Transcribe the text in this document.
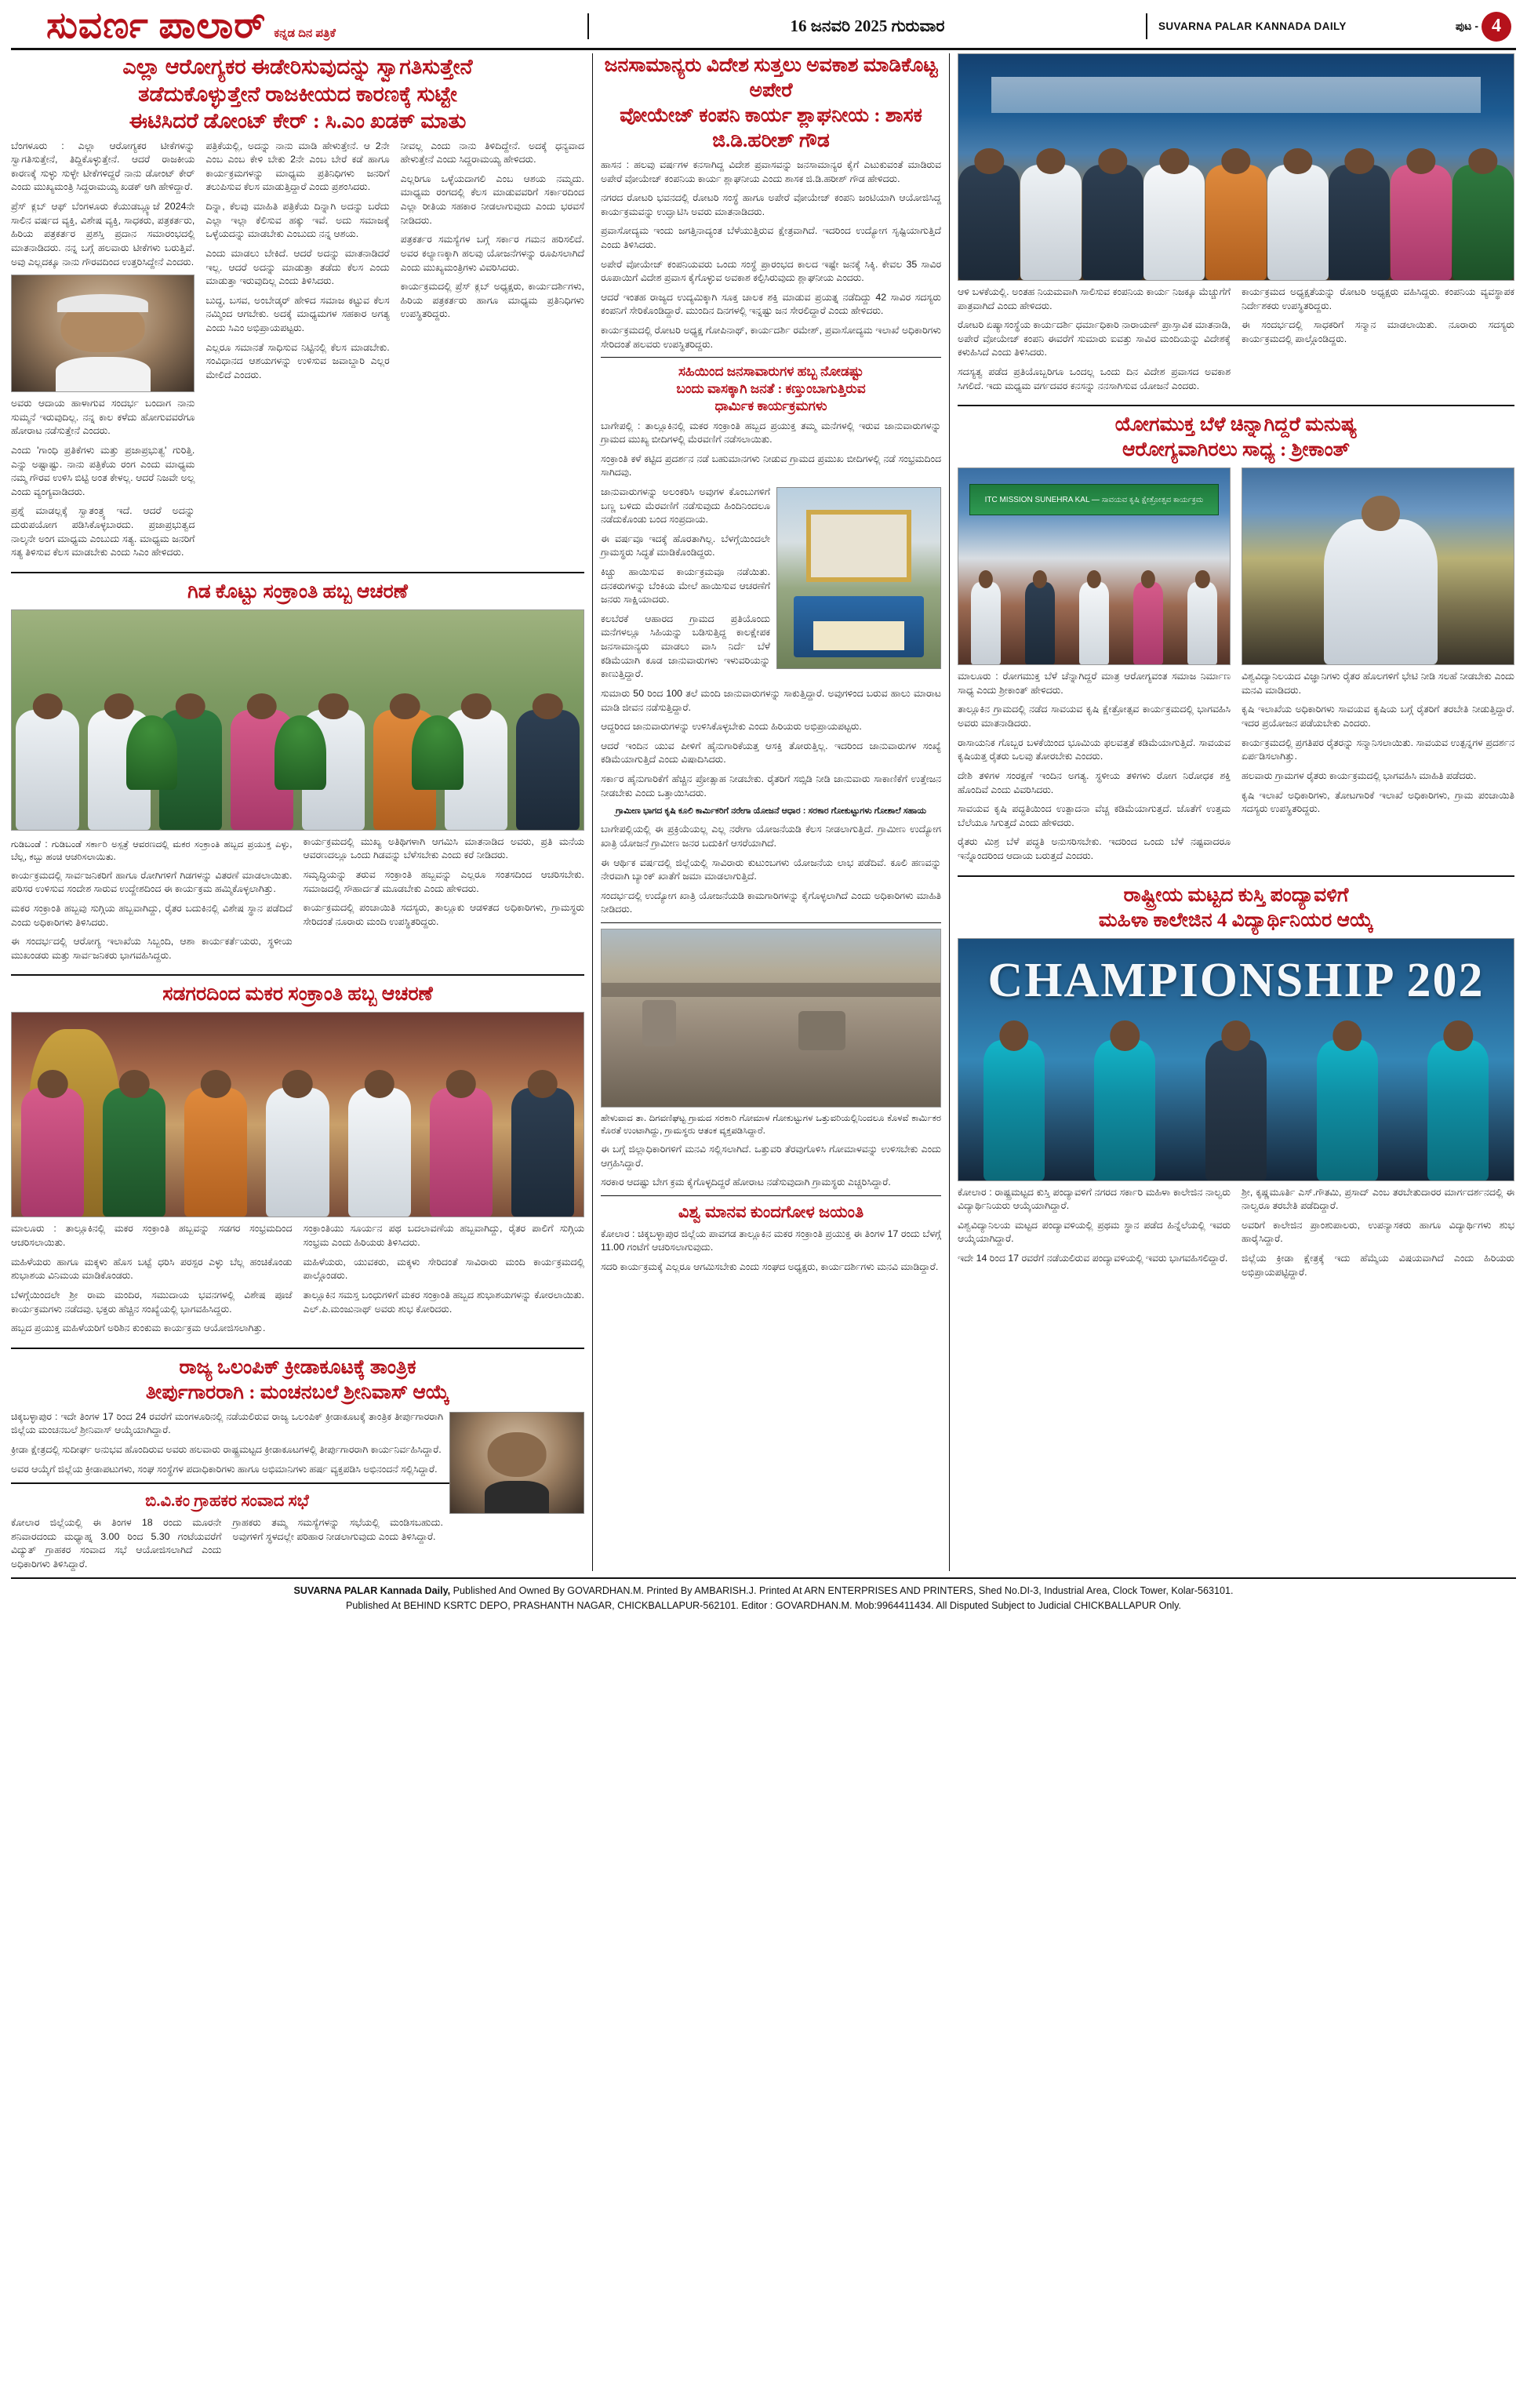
ಸುವರ್ಣ ಪಾಲಾರ್ ಕನ್ನಡ ದಿನ ಪತ್ರಿಕೆ	16 ಜನವರಿ 2025 ಗುರುವಾರ	SUVARNA PALAR KANNADA DAILY	ಪುಟ - 4
ಎಲ್ಲಾ ಆರೋಗ್ಯಕರ ಈಡೇರಿಸುವುದನ್ನು ಸ್ವಾಗತಿಸುತ್ತೇನೆ
ತಡೆದುಕೊಳ್ಳುತ್ತೇನೆ ರಾಜಕೀಯದ ಕಾರಣಕ್ಕೆ ಸುಟ್ಟೇ
ಈಟಿಸಿದರೆ ಡೋಂಟ್ ಕೇರ್ : ಸಿ.ಎಂ ಖಡಕ್ ಮಾತು

ಬೆಂಗಳೂರು : ಎಲ್ಲಾ ಆರೋಗ್ಯಕರ ಟೀಕೆಗಳನ್ನು ಸ್ವಾಗತಿಸುತ್ತೇನೆ, ತಿದ್ದಿಕೊಳ್ಳುತ್ತೇನೆ. ಆದರೆ ರಾಜಕೀಯ ಕಾರಣಕ್ಕೆ ಸುಳ್ಳು ಸುಳ್ಳೇ ಟೀಕೆಗಳಿದ್ದರೆ ನಾನು ಡೋಂಟ್ ಕೇರ್ ಎಂದು ಮುಖ್ಯಮಂತ್ರಿ ಸಿದ್ದರಾಮಯ್ಯ ಖಡಕ್ ಆಗಿ ಹೇಳಿದ್ದಾರೆ.

ಪ್ರೆಸ್ ಕ್ಲಬ್ ಆಫ್ ಬೆಂಗಳೂರು ಕೆಯುಡಬ್ಲ್ಯೂಜೆ 2024ನೇ ಸಾಲಿನ ವರ್ಷದ ವ್ಯಕ್ತಿ, ವಿಶೇಷ ವ್ಯಕ್ತಿ, ಸಾಧಕರು, ಪತ್ರಕರ್ತರು, ಹಿರಿಯ ಪತ್ರಕರ್ತರ ಪ್ರಶಸ್ತಿ ಪ್ರದಾನ ಸಮಾರಂಭದಲ್ಲಿ ಮಾತನಾಡಿದರು. ನನ್ನ ಬಗ್ಗೆ ಹಲವಾರು ಟೀಕೆಗಳು ಬರುತ್ತಿವೆ. ಅವು ಎಲ್ಲದಕ್ಕೂ ನಾನು ಗೌರವದಿಂದ ಉತ್ತರಿಸಿದ್ದೇನೆ ಎಂದರು.

ಅವರು ಆದಾಯ ಹಾಳಾಗುವ ಸಂದರ್ಭ ಬಂದಾಗ ನಾನು ಸುಮ್ಮನೆ ಇರುವುದಿಲ್ಲ. ನನ್ನ ಕಾಲ ಕಳೆದು ಹೋಗುವವರೆಗೂ ಹೋರಾಟ ನಡೆಸುತ್ತೇನೆ ಎಂದರು.

ಎಂದು 'ಗಾಂಧಿ ಪ್ರತಿಕೆಗಳು ಮತ್ತು ಪ್ರಜಾಪ್ರಭುತ್ವ' ಗುರಿತ್ತಿ. ಎನ್ನು ಅಷ್ಟಾಷ್ಟು. ನಾನು ಪತ್ರಿಕೆಯ ರಂಗ ಎಂದು ಮಾಧ್ಯಮ ನಮ್ಮ ಗೌರವ ಉಳಿಸಿ ಬಿಟ್ಟಿ ಅಂತ ಕೇಳಲ್ಲ. ಆದರೆ ನಿಜವೇ ಅಲ್ಲ ಎಂದು ವ್ಯಂಗ್ಯವಾಡಿದರು.

ಪ್ರಶ್ನೆ ಮಾಡಲ್ಲಕ್ಕೆ ಸ್ವಾತಂತ್ರ್ಯ ಇದೆ. ಆದರೆ ಅದನ್ನು ದುರುಪಯೋಗ ಪಡಿಸಿಕೊಳ್ಳಬಾರದು. ಪ್ರಜಾಪ್ರಭುತ್ವದ ನಾಲ್ಕನೇ ಅಂಗ ಮಾಧ್ಯಮ ಎಂಬುದು ಸತ್ಯ. ಮಾಧ್ಯಮ ಜನರಿಗೆ ಸತ್ಯ ತಿಳಿಸುವ ಕೆಲಸ ಮಾಡಬೇಕು ಎಂದು ಸಿಎಂ ಹೇಳಿದರು.

ಪತ್ರಿಕೆಯಲ್ಲಿ, ಅದನ್ನು ನಾನು ಮಾಡಿ ಹೇಳುತ್ತೇನೆ. ಆ 2ನೇ ಎಂಬ ಎಂಬ ಕೇಳಿ ಬೇಕು 2ನೇ ಎಂಬ ಬೇರೆ ಕಡೆ ಹಾಗೂ ಕಾರ್ಯಕ್ರಮಗಳನ್ನು ಮಾಧ್ಯಮ ಪ್ರತಿನಿಧಿಗಳು ಜನರಿಗೆ ತಲುಪಿಸುವ ಕೆಲಸ ಮಾಡುತ್ತಿದ್ದಾರೆ ಎಂದು ಪ್ರಶಂಸಿದರು.

ದಿನ್ನಾ, ಕೆಲವು ಮಾಹಿತಿ ಪತ್ರಿಕೆಯ ದಿನ್ನಾಗಿ ಅದನ್ನು ಬರೆದು ಎಲ್ಲಾ ಇಲ್ಲಾ ಕೆಲಿಸುವ ಹಕ್ಕು ಇವೆ. ಅದು ಸಮಾಜಕ್ಕೆ ಒಳ್ಳೆಯದನ್ನು ಮಾಡಬೇಕು ಎಂಬುದು ನನ್ನ ಆಶಯ.

ಎಂದು ಮಾಡಲು ಬೇಕಿದೆ. ಆದರೆ ಅದನ್ನು ಮಾತನಾಡಿದರೆ ಇಲ್ಲ. ಆದರೆ ಅದನ್ನು ಮಾಡುತ್ತಾ ತಡೆದು ಕೆಲಸ ಎಂದು ಮಾಡುತ್ತಾ ಇರುವುದಿಲ್ಲ ಎಂದು ತಿಳಿಸಿದರು.

ಬುದ್ಧ, ಬಸವ, ಅಂಬೇಡ್ಕರ್ ಹೇಳಿದ ಸಮಾಜ ಕಟ್ಟುವ ಕೆಲಸ ನಮ್ಮಿಂದ ಆಗಬೇಕು. ಅದಕ್ಕೆ ಮಾಧ್ಯಮಗಳ ಸಹಕಾರ ಅಗತ್ಯ ಎಂದು ಸಿಎಂ ಅಭಿಪ್ರಾಯಪಟ್ಟರು.

ಎಲ್ಲರೂ ಸಮಾನತೆ ಸಾಧಿಸುವ ನಿಟ್ಟಿನಲ್ಲಿ ಕೆಲಸ ಮಾಡಬೇಕು. ಸಂವಿಧಾನದ ಆಶಯಗಳನ್ನು ಉಳಿಸುವ ಜವಾಬ್ದಾರಿ ಎಲ್ಲರ ಮೇಲಿದೆ ಎಂದರು.

ನೀವಲ್ಲ ಎಂದು ನಾನು ತಿಳಿದಿದ್ದೇನೆ. ಅದಕ್ಕೆ ಧನ್ಯವಾದ ಹೇಳುತ್ತೇನೆ ಎಂದು ಸಿದ್ದರಾಮಯ್ಯ ಹೇಳಿದರು.

ಎಲ್ಲರಿಗೂ ಒಳ್ಳೆಯದಾಗಲಿ ಎಂಬ ಆಶಯ ನಮ್ಮದು. ಮಾಧ್ಯಮ ರಂಗದಲ್ಲಿ ಕೆಲಸ ಮಾಡುವವರಿಗೆ ಸರ್ಕಾರದಿಂದ ಎಲ್ಲಾ ರೀತಿಯ ಸಹಕಾರ ನೀಡಲಾಗುವುದು ಎಂದು ಭರವಸೆ ನೀಡಿದರು.

ಪತ್ರಕರ್ತರ ಸಮಸ್ಯೆಗಳ ಬಗ್ಗೆ ಸರ್ಕಾರ ಗಮನ ಹರಿಸಲಿದೆ. ಅವರ ಕಲ್ಯಾಣಕ್ಕಾಗಿ ಹಲವು ಯೋಜನೆಗಳನ್ನು ರೂಪಿಸಲಾಗಿದೆ ಎಂದು ಮುಖ್ಯಮಂತ್ರಿಗಳು ವಿವರಿಸಿದರು.

ಕಾರ್ಯಕ್ರಮದಲ್ಲಿ ಪ್ರೆಸ್ ಕ್ಲಬ್ ಅಧ್ಯಕ್ಷರು, ಕಾರ್ಯದರ್ಶಿಗಳು, ಹಿರಿಯ ಪತ್ರಕರ್ತರು ಹಾಗೂ ಮಾಧ್ಯಮ ಪ್ರತಿನಿಧಿಗಳು ಉಪಸ್ಥಿತರಿದ್ದರು.

ಗಿಡ ಕೊಟ್ಟು ಸಂಕ್ರಾಂತಿ ಹಬ್ಬ ಆಚರಣೆ

ಗುಡಿಬಂಡೆ : ಗುಡಿಬಂಡೆ ಸರ್ಕಾರಿ ಅಸ್ಪತ್ರೆ ಆವರಣದಲ್ಲಿ ಮಕರ ಸಂಕ್ರಾಂತಿ ಹಬ್ಬದ ಪ್ರಯುಕ್ತ ಎಳ್ಳು, ಬೆಲ್ಲ, ಕಬ್ಬು ಹಂಚಿ ಆಚರಿಸಲಾಯಿತು.

ಕಾರ್ಯಕ್ರಮದಲ್ಲಿ ಸಾರ್ವಜನಿಕರಿಗೆ ಹಾಗೂ ರೋಗಿಗಳಿಗೆ ಗಿಡಗಳನ್ನು ವಿತರಣೆ ಮಾಡಲಾಯಿತು. ಪರಿಸರ ಉಳಿಸುವ ಸಂದೇಶ ಸಾರುವ ಉದ್ದೇಶದಿಂದ ಈ ಕಾರ್ಯಕ್ರಮ ಹಮ್ಮಿಕೊಳ್ಳಲಾಗಿತ್ತು.

ಮಕರ ಸಂಕ್ರಾಂತಿ ಹಬ್ಬವು ಸುಗ್ಗಿಯ ಹಬ್ಬವಾಗಿದ್ದು, ರೈತರ ಬದುಕಿನಲ್ಲಿ ವಿಶೇಷ ಸ್ಥಾನ ಪಡೆದಿದೆ ಎಂದು ಅಧಿಕಾರಿಗಳು ತಿಳಿಸಿದರು.

ಈ ಸಂದರ್ಭದಲ್ಲಿ ಆರೋಗ್ಯ ಇಲಾಖೆಯ ಸಿಬ್ಬಂದಿ, ಆಶಾ ಕಾರ್ಯಕರ್ತೆಯರು, ಸ್ಥಳೀಯ ಮುಖಂಡರು ಮತ್ತು ಸಾರ್ವಜನಿಕರು ಭಾಗವಹಿಸಿದ್ದರು.

ಕಾರ್ಯಕ್ರಮದಲ್ಲಿ ಮುಖ್ಯ ಅತಿಥಿಗಳಾಗಿ ಆಗಮಿಸಿ ಮಾತನಾಡಿದ ಅವರು, ಪ್ರತಿ ಮನೆಯ ಆವರಣದಲ್ಲೂ ಒಂದು ಗಿಡವನ್ನು ಬೆಳೆಸಬೇಕು ಎಂದು ಕರೆ ನೀಡಿದರು.

ಸಮೃದ್ಧಿಯನ್ನು ತರುವ ಸಂಕ್ರಾಂತಿ ಹಬ್ಬವನ್ನು ಎಲ್ಲರೂ ಸಂತಸದಿಂದ ಆಚರಿಸಬೇಕು. ಸಮಾಜದಲ್ಲಿ ಸೌಹಾರ್ದತೆ ಮೂಡಬೇಕು ಎಂದು ಹೇಳಿದರು.

ಕಾರ್ಯಕ್ರಮದಲ್ಲಿ ಪಂಚಾಯಿತಿ ಸದಸ್ಯರು, ತಾಲ್ಲೂಕು ಆಡಳಿತದ ಅಧಿಕಾರಿಗಳು, ಗ್ರಾಮಸ್ಥರು ಸೇರಿದಂತೆ ನೂರಾರು ಮಂದಿ ಉಪಸ್ಥಿತರಿದ್ದರು.

ಸಡಗರದಿಂದ ಮಕರ ಸಂಕ್ರಾಂತಿ ಹಬ್ಬ ಆಚರಣೆ

ಮಾಲೂರು : ತಾಲ್ಲೂಕಿನಲ್ಲಿ ಮಕರ ಸಂಕ್ರಾಂತಿ ಹಬ್ಬವನ್ನು ಸಡಗರ ಸಂಭ್ರಮದಿಂದ ಆಚರಿಸಲಾಯಿತು.

ಮಹಿಳೆಯರು ಹಾಗೂ ಮಕ್ಕಳು ಹೊಸ ಬಟ್ಟೆ ಧರಿಸಿ ಪರಸ್ಪರ ಎಳ್ಳು ಬೆಲ್ಲ ಹಂಚಿಕೊಂಡು ಶುಭಾಶಯ ವಿನಿಮಯ ಮಾಡಿಕೊಂಡರು.

ಬೆಳಗ್ಗೆಯಿಂದಲೇ ಶ್ರೀ ರಾಮ ಮಂದಿರ, ಸಮುದಾಯ ಭವನಗಳಲ್ಲಿ ವಿಶೇಷ ಪೂಜೆ ಕಾರ್ಯಕ್ರಮಗಳು ನಡೆದವು. ಭಕ್ತರು ಹೆಚ್ಚಿನ ಸಂಖ್ಯೆಯಲ್ಲಿ ಭಾಗವಹಿಸಿದ್ದರು.

ಹಬ್ಬದ ಪ್ರಯುಕ್ತ ಮಹಿಳೆಯರಿಗೆ ಅರಿಶಿನ ಕುಂಕುಮ ಕಾರ್ಯಕ್ರಮ ಆಯೋಜಿಸಲಾಗಿತ್ತು.

ಸಂಕ್ರಾಂತಿಯು ಸೂರ್ಯನ ಪಥ ಬದಲಾವಣೆಯ ಹಬ್ಬವಾಗಿದ್ದು, ರೈತರ ಪಾಲಿಗೆ ಸುಗ್ಗಿಯ ಸಂಭ್ರಮ ಎಂದು ಹಿರಿಯರು ತಿಳಿಸಿದರು.

ಮಹಿಳೆಯರು, ಯುವಕರು, ಮಕ್ಕಳು ಸೇರಿದಂತೆ ಸಾವಿರಾರು ಮಂದಿ ಕಾರ್ಯಕ್ರಮದಲ್ಲಿ ಪಾಲ್ಗೊಂಡರು.

ತಾಲ್ಲೂಕಿನ ಸಮಸ್ತ ಬಂಧುಗಳಿಗೆ ಮಕರ ಸಂಕ್ರಾಂತಿ ಹಬ್ಬದ ಶುಭಾಶಯಗಳನ್ನು ಕೋರಲಾಯಿತು. ಎಲ್.ಪಿ.ಮಂಜುನಾಥ್ ಅವರು ಶುಭ ಕೋರಿದರು.

ರಾಜ್ಯ ಒಲಂಪಿಕ್ ಕ್ರೀಡಾಕೂಟಕ್ಕೆ ತಾಂತ್ರಿಕ
ತೀರ್ಪುಗಾರರಾಗಿ : ಮಂಚನಬಲೆ ಶ್ರೀನಿವಾಸ್ ಆಯ್ಕೆ

ಚಿಕ್ಕಬಳ್ಳಾಪುರ : ಇದೇ ತಿಂಗಳ 17 ರಿಂದ 24 ರವರೆಗೆ ಮಂಗಳೂರಿನಲ್ಲಿ ನಡೆಯಲಿರುವ ರಾಜ್ಯ ಒಲಂಪಿಕ್ ಕ್ರೀಡಾಕೂಟಕ್ಕೆ ತಾಂತ್ರಿಕ ತೀರ್ಪುಗಾರರಾಗಿ ಜಿಲ್ಲೆಯ ಮಂಚನಬಲೆ ಶ್ರೀನಿವಾಸ್ ಆಯ್ಕೆಯಾಗಿದ್ದಾರೆ.

ಕ್ರೀಡಾ ಕ್ಷೇತ್ರದಲ್ಲಿ ಸುದೀರ್ಘ ಅನುಭವ ಹೊಂದಿರುವ ಅವರು ಹಲವಾರು ರಾಷ್ಟ್ರಮಟ್ಟದ ಕ್ರೀಡಾಕೂಟಗಳಲ್ಲಿ ತೀರ್ಪುಗಾರರಾಗಿ ಕಾರ್ಯನಿರ್ವಹಿಸಿದ್ದಾರೆ.

ಅವರ ಆಯ್ಕೆಗೆ ಜಿಲ್ಲೆಯ ಕ್ರೀಡಾಪಟುಗಳು, ಸಂಘ ಸಂಸ್ಥೆಗಳ ಪದಾಧಿಕಾರಿಗಳು ಹಾಗೂ ಅಭಿಮಾನಿಗಳು ಹರ್ಷ ವ್ಯಕ್ತಪಡಿಸಿ ಅಭಿನಂದನೆ ಸಲ್ಲಿಸಿದ್ದಾರೆ.

ಬಿ.ವಿ.ಕಂ ಗ್ರಾಹಕರ ಸಂವಾದ ಸಭೆ

ಕೋಲಾರ ಜಿಲ್ಲೆಯಲ್ಲಿ ಈ ತಿಂಗಳ 18 ರಂದು ಮೂರನೇ ಶನಿವಾರದಂದು ಮಧ್ಯಾಹ್ನ 3.00 ರಿಂದ 5.30 ಗಂಟೆಯವರೆಗೆ ವಿದ್ಯುತ್ ಗ್ರಾಹಕರ ಸಂವಾದ ಸಭೆ ಆಯೋಜಿಸಲಾಗಿದೆ ಎಂದು ಅಧಿಕಾರಿಗಳು ತಿಳಿಸಿದ್ದಾರೆ.

ಗ್ರಾಹಕರು ತಮ್ಮ ಸಮಸ್ಯೆಗಳನ್ನು ಸಭೆಯಲ್ಲಿ ಮಂಡಿಸಬಹುದು. ಅವುಗಳಿಗೆ ಸ್ಥಳದಲ್ಲೇ ಪರಿಹಾರ ನೀಡಲಾಗುವುದು ಎಂದು ತಿಳಿಸಿದ್ದಾರೆ.

ಜನಸಾಮಾನ್ಯರು ವಿದೇಶ ಸುತ್ತಲು ಅವಕಾಶ ಮಾಡಿಕೊಟ್ಟ ಅಪೇರೆ
ವೋಯೇಜ್ ಕಂಪನಿ ಕಾರ್ಯ ಶ್ಲಾಘನೀಯ : ಶಾಸಕ ಜಿ.ಡಿ.ಹರೀಶ್ ಗೌಡ

ಹಾಸನ : ಹಲವು ವರ್ಷಗಳ ಕನಸಾಗಿದ್ದ ವಿದೇಶ ಪ್ರವಾಸವನ್ನು ಜನಸಾಮಾನ್ಯರ ಕೈಗೆ ಎಟುಕುವಂತೆ ಮಾಡಿರುವ ಅಪೇರೆ ವೋಯೇಜ್ ಕಂಪನಿಯ ಕಾರ್ಯ ಶ್ಲಾಘನೀಯ ಎಂದು ಶಾಸಕ ಜಿ.ಡಿ.ಹರೀಶ್ ಗೌಡ ಹೇಳಿದರು.

ನಗರದ ರೋಟರಿ ಭವನದಲ್ಲಿ ರೋಟರಿ ಸಂಸ್ಥೆ ಹಾಗೂ ಅಪೇರೆ ವೋಯೇಜ್ ಕಂಪನಿ ಜಂಟಿಯಾಗಿ ಆಯೋಜಿಸಿದ್ದ ಕಾರ್ಯಕ್ರಮವನ್ನು ಉದ್ಘಾಟಿಸಿ ಅವರು ಮಾತನಾಡಿದರು.

ಪ್ರವಾಸೋದ್ಯಮ ಇಂದು ಜಗತ್ತಿನಾದ್ಯಂತ ಬೆಳೆಯುತ್ತಿರುವ ಕ್ಷೇತ್ರವಾಗಿದೆ. ಇದರಿಂದ ಉದ್ಯೋಗ ಸೃಷ್ಟಿಯಾಗುತ್ತಿದೆ ಎಂದು ತಿಳಿಸಿದರು.

ಅಪೇರೆ ವೋಯೇಜ್ ಕಂಪನಿಯವರು ಒಂದು ಸಂಸ್ಥೆ ಪ್ರಾರಂಭದ ಕಾಲದ ಇಷ್ಟೇ ಜನಕ್ಕೆ ಸಿಕ್ಕಿ. ಕೇವಲ 35 ಸಾವಿರ ರೂಪಾಯಿಗೆ ವಿದೇಶ ಪ್ರವಾಸ ಕೈಗೊಳ್ಳುವ ಅವಕಾಶ ಕಲ್ಪಿಸಿರುವುದು ಶ್ಲಾಘನೀಯ ಎಂದರು.

ಆದರೆ ಇಂತಹ ರಾಜ್ಯದ ಉದ್ಯಮಿಕ್ಕಾಗಿ ಸೂಕ್ತ ಚಾಲಕ ಶಕ್ತಿ ಮಾಡುವ ಪ್ರಯತ್ನ ನಡೆದಿದ್ದು 42 ಸಾವಿರ ಸದಸ್ಯರು ಕಂಪನಿಗೆ ಸೇರಿಕೊಂಡಿದ್ದಾರೆ. ಮುಂದಿನ ದಿನಗಳಲ್ಲಿ ಇನ್ನಷ್ಟು ಜನ ಸೇರಲಿದ್ದಾರೆ ಎಂದು ಹೇಳಿದರು.

ಕಾರ್ಯಕ್ರಮದಲ್ಲಿ ರೋಟರಿ ಅಧ್ಯಕ್ಷ ಗೋಪಿನಾಥ್, ಕಾರ್ಯದರ್ಶಿ ರಮೇಶ್, ಪ್ರವಾಸೋದ್ಯಮ ಇಲಾಖೆ ಅಧಿಕಾರಿಗಳು ಸೇರಿದಂತೆ ಹಲವರು ಉಪಸ್ಥಿತರಿದ್ದರು.

ಸಹಿಯಿಂದ ಜನಸಾವಾರುಗಳ ಹಬ್ಬ ನೋಡಷ್ಟು
ಬಂದು ವಾಸಕ್ಕಾಗಿ ಜನತೆ : ಕಣ್ತುಂಬಾಗುತ್ತಿರುವ
ಧಾರ್ಮಿಕ ಕಾರ್ಯಕ್ರಮಗಳು

ಬಾಗೇಪಲ್ಲಿ : ತಾಲ್ಲೂಕಿನಲ್ಲಿ ಮಕರ ಸಂಕ್ರಾಂತಿ ಹಬ್ಬದ ಪ್ರಯುಕ್ತ ತಮ್ಮ ಮನೆಗಳಲ್ಲಿ ಇರುವ ಜಾನುವಾರುಗಳನ್ನು ಗ್ರಾಮದ ಮುಖ್ಯ ಬೀದಿಗಳಲ್ಲಿ ಮೆರವಣಿಗೆ ನಡೆಸಲಾಯಿತು.

ಸಂಕ್ರಾಂತಿ ಕಳೆ ಕಟ್ಟಿದ ಪ್ರದರ್ಶನ ನಡೆ ಬಹುಮಾನಗಳು ನೀಡುವ ಗ್ರಾಮದ ಪ್ರಮುಖ ಬೀದಿಗಳಲ್ಲಿ ನಡೆ ಸಂಭ್ರಮದಿಂದ ಸಾಗಿದವು.

ಜಾನುವಾರುಗಳನ್ನು ಅಲಂಕರಿಸಿ ಅವುಗಳ ಕೊಂಬುಗಳಿಗೆ ಬಣ್ಣ ಬಳಿದು ಮೆರವಣಿಗೆ ನಡೆಸುವುದು ಹಿಂದಿನಿಂದಲೂ ನಡೆದುಕೊಂಡು ಬಂದ ಸಂಪ್ರದಾಯ.

ಈ ವರ್ಷವೂ ಇದಕ್ಕೆ ಹೊರತಾಗಿಲ್ಲ. ಬೆಳಗ್ಗೆಯಿಂದಲೇ ಗ್ರಾಮಸ್ಥರು ಸಿದ್ಧತೆ ಮಾಡಿಕೊಂಡಿದ್ದರು.

ಕಿಚ್ಚು ಹಾಯಿಸುವ ಕಾರ್ಯಕ್ರಮವೂ ನಡೆಯಿತು. ದನಕರುಗಳನ್ನು ಬೆಂಕಿಯ ಮೇಲೆ ಹಾಯಿಸುವ ಆಚರಣೆಗೆ ಜನರು ಸಾಕ್ಷಿಯಾದರು.

ಕಲಬೆರಕೆ ಆಹಾರದ ಗ್ರಾಮದ ಪ್ರತಿಯೊಂದು ಮನೆಗಳಲ್ಲೂ ಸಿಹಿಯನ್ನು ಬಡಿಸುತ್ತಿದ್ದ ಕಾಲಕ್ಷೇಪಕ ಜನಸಾಮಾನ್ಯರು ಮಾಡಲು ವಾಸಿ ನಿರ್ದೆ ಬೆಳೆ ಕಡಿಮೆಯಾಗಿ ಕೂಡ ಜಾನುವಾರುಗಳು ಇಳುವರಿಯನ್ನು ಕಾಣುತ್ತಿದ್ದಾರೆ.

ಸುಮಾರು 50 ರಿಂದ 100 ತಲೆ ಮಂದಿ ಜಾನುವಾರುಗಳನ್ನು ಸಾಕುತ್ತಿದ್ದಾರೆ. ಅವುಗಳಿಂದ ಬರುವ ಹಾಲು ಮಾರಾಟ ಮಾಡಿ ಜೀವನ ನಡೆಸುತ್ತಿದ್ದಾರೆ.

ಆದ್ದರಿಂದ ಜಾನುವಾರುಗಳನ್ನು ಉಳಿಸಿಕೊಳ್ಳಬೇಕು ಎಂದು ಹಿರಿಯರು ಅಭಿಪ್ರಾಯಪಟ್ಟರು.

ಆದರೆ ಇಂದಿನ ಯುವ ಪೀಳಿಗೆ ಹೈನುಗಾರಿಕೆಯತ್ತ ಆಸಕ್ತಿ ತೋರುತ್ತಿಲ್ಲ. ಇದರಿಂದ ಜಾನುವಾರುಗಳ ಸಂಖ್ಯೆ ಕಡಿಮೆಯಾಗುತ್ತಿದೆ ಎಂದು ವಿಷಾದಿಸಿದರು.

ಸರ್ಕಾರ ಹೈನುಗಾರಿಕೆಗೆ ಹೆಚ್ಚಿನ ಪ್ರೋತ್ಸಾಹ ನೀಡಬೇಕು. ರೈತರಿಗೆ ಸಬ್ಸಿಡಿ ನೀಡಿ ಜಾನುವಾರು ಸಾಕಾಣಿಕೆಗೆ ಉತ್ತೇಜನ ನೀಡಬೇಕು ಎಂದು ಒತ್ತಾಯಿಸಿದರು.

ಗ್ರಾಮೀಣ ಭಾಗದ ಕೃಷಿ ಕೂಲಿ ಕಾರ್ಮಿಕರಿಗೆ ನರೇಗಾ ಯೋಜನೆ ಆಧಾರ : ಸರಕಾರ ಗೋಕುಟ್ಟುಗಳು ಗೋಶಾಲೆ ಸಹಾಯ

ಬಾಗೇಪಲ್ಲಿಯಲ್ಲಿ ಈ ಪ್ರಕ್ರಿಯೆಯಲ್ಲ ಎಲ್ಲ ನರೇಗಾ ಯೋಜನೆಯಡಿ ಕೆಲಸ ನೀಡಲಾಗುತ್ತಿದೆ. ಗ್ರಾಮೀಣ ಉದ್ಯೋಗ ಖಾತ್ರಿ ಯೋಜನೆ ಗ್ರಾಮೀಣ ಜನರ ಬದುಕಿಗೆ ಆಸರೆಯಾಗಿದೆ.

ಈ ಆರ್ಥಿಕ ವರ್ಷದಲ್ಲಿ ಜಿಲ್ಲೆಯಲ್ಲಿ ಸಾವಿರಾರು ಕುಟುಂಬಗಳು ಯೋಜನೆಯ ಲಾಭ ಪಡೆದಿವೆ. ಕೂಲಿ ಹಣವನ್ನು ನೇರವಾಗಿ ಬ್ಯಾಂಕ್ ಖಾತೆಗೆ ಜಮಾ ಮಾಡಲಾಗುತ್ತಿದೆ.

ಸಂದರ್ಭದಲ್ಲಿ ಉದ್ಯೋಗ ಖಾತ್ರಿ ಯೋಜನೆಯಡಿ ಕಾಮಗಾರಿಗಳನ್ನು ಕೈಗೊಳ್ಳಲಾಗಿದೆ ಎಂದು ಅಧಿಕಾರಿಗಳು ಮಾಹಿತಿ ನೀಡಿದರು.

ಹೇಳುವಾದ ತಾ. ದಿಗವಣಿಘಟ್ಟ ಗ್ರಾಮದ ಸರಕಾರಿ ಗೋಮಾಳ ಗೋಕುಟ್ಟುಗಳ ಒತ್ತುವರಿಯಲ್ಲಿನಿಂದಲೂ ಕೊಳವೆ ಕಾರ್ಮಿಕರ ಕೊರತೆ ಉಂಟಾಗಿದ್ದು, ಗ್ರಾಮಸ್ಥರು ಆತಂಕ ವ್ಯಕ್ತಪಡಿಸಿದ್ದಾರೆ.

ಈ ಬಗ್ಗೆ ಜಿಲ್ಲಾಧಿಕಾರಿಗಳಿಗೆ ಮನವಿ ಸಲ್ಲಿಸಲಾಗಿದೆ. ಒತ್ತುವರಿ ತೆರವುಗೊಳಿಸಿ ಗೋಮಾಳವನ್ನು ಉಳಿಸಬೇಕು ಎಂದು ಆಗ್ರಹಿಸಿದ್ದಾರೆ.

ಸರಕಾರ ಆದಷ್ಟು ಬೇಗ ಕ್ರಮ ಕೈಗೊಳ್ಳದಿದ್ದರೆ ಹೋರಾಟ ನಡೆಸುವುದಾಗಿ ಗ್ರಾಮಸ್ಥರು ಎಚ್ಚರಿಸಿದ್ದಾರೆ.

ವಿಶ್ವ ಮಾನವ ಕುಂದಗೋಳ ಜಯಂತಿ

ಕೋಲಾರ : ಚಿಕ್ಕಬಳ್ಳಾಪುರ ಜಿಲ್ಲೆಯ ಪಾವಗಡ ತಾಲ್ಲೂಕಿನ ಮಕರ ಸಂಕ್ರಾಂತಿ ಪ್ರಯುಕ್ತ ಈ ತಿಂಗಳ 17 ರಂದು ಬೆಳಗ್ಗೆ 11.00 ಗಂಟೆಗೆ ಆಚರಿಸಲಾಗುವುದು.

ಸದರಿ ಕಾರ್ಯಕ್ರಮಕ್ಕೆ ಎಲ್ಲರೂ ಆಗಮಿಸಬೇಕು ಎಂದು ಸಂಘದ ಅಧ್ಯಕ್ಷರು, ಕಾರ್ಯದರ್ಶಿಗಳು ಮನವಿ ಮಾಡಿದ್ದಾರೆ.

ಆಳಿ ಬಳಕೆಯಲ್ಲಿ. ಅಂತಹ ನಿಯಮವಾಗಿ ಸಾಲಿಸುವ ಕಂಪನಿಯ ಕಾರ್ಯ ನಿಜಕ್ಕೂ ಮೆಚ್ಚುಗೆಗೆ ಪಾತ್ರವಾಗಿದೆ ಎಂದು ಹೇಳಿದರು.

ರೋಟರಿ ಏಷ್ಯಾಸಂಸ್ಥೆಯ ಕಾರ್ಯದರ್ಶಿ ಧರ್ಮಾಧಿಕಾರಿ ನಾರಾಯಣ್ ಪ್ರಾಸ್ತಾವಿಕ ಮಾತನಾಡಿ, ಅಪೇರೆ ವೋಯೇಜ್ ಕಂಪನಿ ಈವರೆಗೆ ಸುಮಾರು ಐವತ್ತು ಸಾವಿರ ಮಂದಿಯನ್ನು ವಿದೇಶಕ್ಕೆ ಕಳುಹಿಸಿದೆ ಎಂದು ತಿಳಿಸಿದರು.

ಸದಸ್ಯತ್ವ ಪಡೆದ ಪ್ರತಿಯೊಬ್ಬರಿಗೂ ಒಂದಲ್ಲ ಒಂದು ದಿನ ವಿದೇಶ ಪ್ರವಾಸದ ಅವಕಾಶ ಸಿಗಲಿದೆ. ಇದು ಮಧ್ಯಮ ವರ್ಗದವರ ಕನಸನ್ನು ನನಸಾಗಿಸುವ ಯೋಜನೆ ಎಂದರು.

ಕಾರ್ಯಕ್ರಮದ ಅಧ್ಯಕ್ಷತೆಯನ್ನು ರೋಟರಿ ಅಧ್ಯಕ್ಷರು ವಹಿಸಿದ್ದರು. ಕಂಪನಿಯ ವ್ಯವಸ್ಥಾಪಕ ನಿರ್ದೇಶಕರು ಉಪಸ್ಥಿತರಿದ್ದರು.

ಈ ಸಂದರ್ಭದಲ್ಲಿ ಸಾಧಕರಿಗೆ ಸನ್ಮಾನ ಮಾಡಲಾಯಿತು. ನೂರಾರು ಸದಸ್ಯರು ಕಾರ್ಯಕ್ರಮದಲ್ಲಿ ಪಾಲ್ಗೊಂಡಿದ್ದರು.

ಯೋಗಮುಕ್ತ ಬೆಳೆ ಚಿನ್ನಾಗಿದ್ದರೆ ಮನುಷ್ಯ
ಆರೋಗ್ಯವಾಗಿರಲು ಸಾಧ್ಯ : ಶ್ರೀಕಾಂತ್
ITC MISSION SUNEHRA KAL — ಸಾವಯವ ಕೃಷಿ ಕ್ಷೇತ್ರೋತ್ಸವ ಕಾರ್ಯಕ್ರಮ

ಮಾಲೂರು : ರೋಗಮುಕ್ತ ಬೆಳೆ ಚೆನ್ನಾಗಿದ್ದರೆ ಮಾತ್ರ ಆರೋಗ್ಯವಂತ ಸಮಾಜ ನಿರ್ಮಾಣ ಸಾಧ್ಯ ಎಂದು ಶ್ರೀಕಾಂತ್ ಹೇಳಿದರು.

ತಾಲ್ಲೂಕಿನ ಗ್ರಾಮದಲ್ಲಿ ನಡೆದ ಸಾವಯವ ಕೃಷಿ ಕ್ಷೇತ್ರೋತ್ಸವ ಕಾರ್ಯಕ್ರಮದಲ್ಲಿ ಭಾಗವಹಿಸಿ ಅವರು ಮಾತನಾಡಿದರು.

ರಾಸಾಯನಿಕ ಗೊಬ್ಬರ ಬಳಕೆಯಿಂದ ಭೂಮಿಯ ಫಲವತ್ತತೆ ಕಡಿಮೆಯಾಗುತ್ತಿದೆ. ಸಾವಯವ ಕೃಷಿಯತ್ತ ರೈತರು ಒಲವು ತೋರಬೇಕು ಎಂದರು.

ದೇಶಿ ತಳಿಗಳ ಸಂರಕ್ಷಣೆ ಇಂದಿನ ಅಗತ್ಯ. ಸ್ಥಳೀಯ ತಳಿಗಳು ರೋಗ ನಿರೋಧಕ ಶಕ್ತಿ ಹೊಂದಿವೆ ಎಂದು ವಿವರಿಸಿದರು.

ಸಾವಯವ ಕೃಷಿ ಪದ್ಧತಿಯಿಂದ ಉತ್ಪಾದನಾ ವೆಚ್ಚ ಕಡಿಮೆಯಾಗುತ್ತದೆ. ಜೊತೆಗೆ ಉತ್ತಮ ಬೆಲೆಯೂ ಸಿಗುತ್ತದೆ ಎಂದು ಹೇಳಿದರು.

ರೈತರು ಮಿಶ್ರ ಬೆಳೆ ಪದ್ಧತಿ ಅನುಸರಿಸಬೇಕು. ಇದರಿಂದ ಒಂದು ಬೆಳೆ ನಷ್ಟವಾದರೂ ಇನ್ನೊಂದರಿಂದ ಆದಾಯ ಬರುತ್ತದೆ ಎಂದರು.

ವಿಶ್ವವಿದ್ಯಾನಿಲಯದ ವಿಜ್ಞಾನಿಗಳು ರೈತರ ಹೊಲಗಳಿಗೆ ಭೇಟಿ ನೀಡಿ ಸಲಹೆ ನೀಡಬೇಕು ಎಂದು ಮನವಿ ಮಾಡಿದರು.

ಕೃಷಿ ಇಲಾಖೆಯ ಅಧಿಕಾರಿಗಳು ಸಾವಯವ ಕೃಷಿಯ ಬಗ್ಗೆ ರೈತರಿಗೆ ತರಬೇತಿ ನೀಡುತ್ತಿದ್ದಾರೆ. ಇದರ ಪ್ರಯೋಜನ ಪಡೆಯಬೇಕು ಎಂದರು.

ಕಾರ್ಯಕ್ರಮದಲ್ಲಿ ಪ್ರಗತಿಪರ ರೈತರನ್ನು ಸನ್ಮಾನಿಸಲಾಯಿತು. ಸಾವಯವ ಉತ್ಪನ್ನಗಳ ಪ್ರದರ್ಶನ ಏರ್ಪಡಿಸಲಾಗಿತ್ತು.

ಹಲವಾರು ಗ್ರಾಮಗಳ ರೈತರು ಕಾರ್ಯಕ್ರಮದಲ್ಲಿ ಭಾಗವಹಿಸಿ ಮಾಹಿತಿ ಪಡೆದರು.

ಕೃಷಿ ಇಲಾಖೆ ಅಧಿಕಾರಿಗಳು, ತೋಟಗಾರಿಕೆ ಇಲಾಖೆ ಅಧಿಕಾರಿಗಳು, ಗ್ರಾಮ ಪಂಚಾಯಿತಿ ಸದಸ್ಯರು ಉಪಸ್ಥಿತರಿದ್ದರು.

ರಾಷ್ಟ್ರೀಯ ಮಟ್ಟದ ಕುಸ್ತಿ ಪಂದ್ಯಾವಳಿಗೆ
ಮಹಿಳಾ ಕಾಲೇಜಿನ 4 ವಿದ್ಯಾರ್ಥಿನಿಯರ ಆಯ್ಕೆ
CHAMPIONSHIP 202

ಕೋಲಾರ : ರಾಷ್ಟ್ರಮಟ್ಟದ ಕುಸ್ತಿ ಪಂದ್ಯಾವಳಿಗೆ ನಗರದ ಸರ್ಕಾರಿ ಮಹಿಳಾ ಕಾಲೇಜಿನ ನಾಲ್ವರು ವಿದ್ಯಾರ್ಥಿನಿಯರು ಆಯ್ಕೆಯಾಗಿದ್ದಾರೆ.

ವಿಶ್ವವಿದ್ಯಾನಿಲಯ ಮಟ್ಟದ ಪಂದ್ಯಾವಳಿಯಲ್ಲಿ ಪ್ರಥಮ ಸ್ಥಾನ ಪಡೆದ ಹಿನ್ನೆಲೆಯಲ್ಲಿ ಇವರು ಆಯ್ಕೆಯಾಗಿದ್ದಾರೆ.

ಇದೇ 14 ರಿಂದ 17 ರವರೆಗೆ ನಡೆಯಲಿರುವ ಪಂದ್ಯಾವಳಿಯಲ್ಲಿ ಇವರು ಭಾಗವಹಿಸಲಿದ್ದಾರೆ.

ಶ್ರೀ, ಕೃಷ್ಣಮೂರ್ತಿ ಎಸ್.ಗೌತಮಿ, ಪ್ರಸಾದ್ ಎಂಬ ತರಬೇತುದಾರರ ಮಾರ್ಗದರ್ಶನದಲ್ಲಿ ಈ ನಾಲ್ವರೂ ತರಬೇತಿ ಪಡೆದಿದ್ದಾರೆ.

ಅವರಿಗೆ ಕಾಲೇಜಿನ ಪ್ರಾಂಶುಪಾಲರು, ಉಪನ್ಯಾಸಕರು ಹಾಗೂ ವಿದ್ಯಾರ್ಥಿಗಳು ಶುಭ ಹಾರೈಸಿದ್ದಾರೆ.

ಜಿಲ್ಲೆಯ ಕ್ರೀಡಾ ಕ್ಷೇತ್ರಕ್ಕೆ ಇದು ಹೆಮ್ಮೆಯ ವಿಷಯವಾಗಿದೆ ಎಂದು ಹಿರಿಯರು ಅಭಿಪ್ರಾಯಪಟ್ಟಿದ್ದಾರೆ.

SUVARNA PALAR Kannada Daily, Published And Owned By GOVARDHAN.M. Printed By AMBARISH.J. Printed At ARN ENTERPRISES AND PRINTERS, Shed No.DI-3, Industrial Area, Clock Tower, Kolar-563101.
Published At BEHIND KSRTC DEPO, PRASHANTH NAGAR, CHICKBALLAPUR-562101. Editor : GOVARDHAN.M. Mob:9964411434. All Disputed Subject to Judicial CHICKBALLAPUR Only.
